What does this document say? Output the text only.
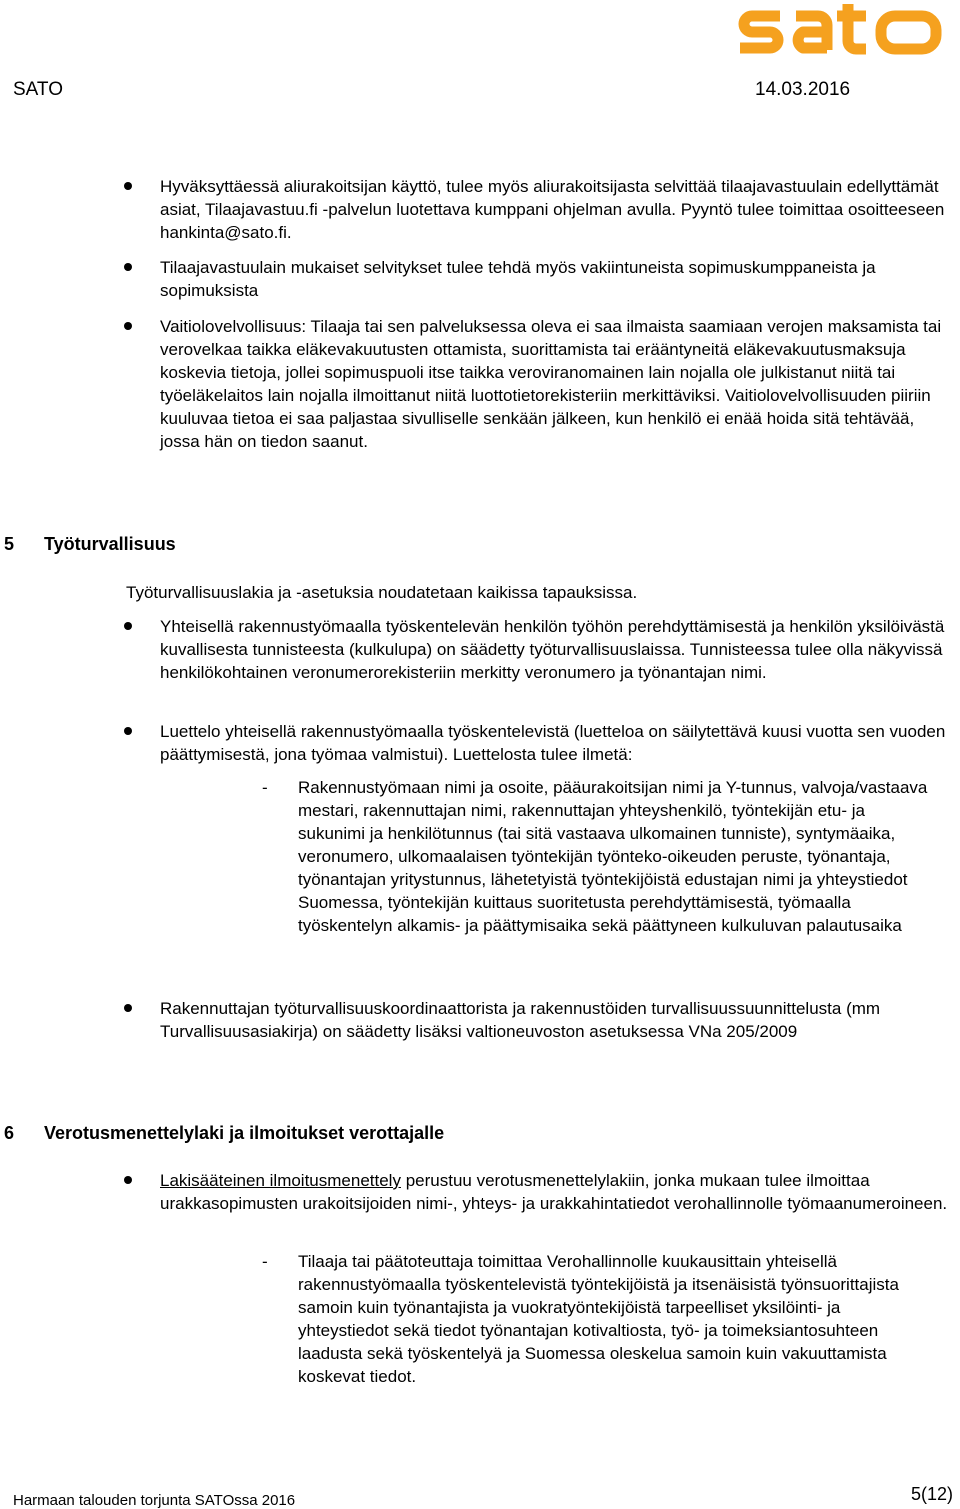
SATO	14.03.2016
Hyväksyttäessä aliurakoitsijan käyttö, tulee myös aliurakoitsijasta selvittää tilaajavastuulain edellyttämät asiat, Tilaajavastuu.fi -palvelun luotettava kumppani ohjelman avulla. Pyyntö tulee toimittaa osoitteeseen hankinta@sato.fi.
Tilaajavastuulain mukaiset selvitykset tulee tehdä myös vakiintuneista sopimuskumppaneista ja sopimuksista
Vaitiolovelvollisuus: Tilaaja tai sen palveluksessa oleva ei saa ilmaista saamiaan verojen maksamista tai verovelkaa taikka eläkevakuutusten ottamista, suorittamista tai erääntyneitä eläkevakuutusmaksuja koskevia tietoja, jollei sopimuspuoli itse taikka veroviranomainen lain nojalla ole julkistanut niitä tai työeläkelaitos lain nojalla ilmoittanut niitä luottotietorekisteriin merkittäviksi. Vaitiolovelvollisuuden piiriin kuuluvaa tietoa ei saa paljastaa sivulliselle senkään jälkeen, kun henkilö ei enää hoida sitä tehtävää, jossa hän on tiedon saanut.
5 Työturvallisuus
Työturvallisuuslakia ja -asetuksia noudatetaan kaikissa tapauksissa.
Yhteisellä rakennustyömaalla työskentelevän henkilön työhön perehdyttämisestä ja henkilön yksilöivästä kuvallisesta tunnisteesta (kulkulupa) on säädetty työturvallisuuslaissa. Tunnisteessa tulee olla näkyvissä henkilökohtainen veronumerorekisteriin merkitty veronumero ja työnantajan nimi.
Luettelo yhteisellä rakennustyömaalla työskentelevistä (luetteloa on säilytettävä kuusi vuotta sen vuoden päättymisestä, jona työmaa valmistui). Luettelosta tulee ilmetä:
- Rakennustyömaan nimi ja osoite, pääurakoitsijan nimi ja Y-tunnus, valvoja/vastaava mestari, rakennuttajan nimi, rakennuttajan yhteyshenkilö, työntekijän etu- ja sukunimi ja henkilötunnus (tai sitä vastaava ulkomainen tunniste), syntymäaika, veronumero, ulkomaalaisen työntekijän työnteko-oikeuden peruste, työnantaja, työnantajan yritystunnus, lähetetyistä työntekijöistä edustajan nimi ja yhteystiedot Suomessa, työntekijän kuittaus suoritetusta perehdyttämisestä, työmaalla työskentelyn alkamis- ja päättymisaika sekä päättyneen kulkuluvan palautusaika
Rakennuttajan työturvallisuuskoordinaattorista ja rakennustöiden turvallisuussuunnittelusta (mm Turvallisuusasiakirja) on säädetty lisäksi valtioneuvoston asetuksessa VNa 205/2009
6 Verotusmenettelylaki ja ilmoitukset verottajalle
Lakisääteinen ilmoitusmenettely perustuu verotusmenettelylakiin, jonka mukaan tulee ilmoittaa urakkasopimusten urakoitsijoiden nimi-, yhteys- ja urakkahintatiedot verohallinnolle työmaanumeroineen.
- Tilaaja tai päätoteuttaja toimittaa Verohallinnolle kuukausittain yhteisellä rakennustyömaalla työskentelevistä työntekijöistä ja itsenäisistä työnsuorittajista samoin kuin työnantajista ja vuokratyöntekijöistä tarpeelliset yksilöinti- ja yhteystiedot sekä tiedot työnantajan kotivaltiosta, työ- ja toimeksiantosuhteen laadusta sekä työskentelyä ja Suomessa oleskelua samoin kuin vakuuttamista koskevat tiedot.
Harmaan talouden torjunta SATOssa 2016	5(12)
